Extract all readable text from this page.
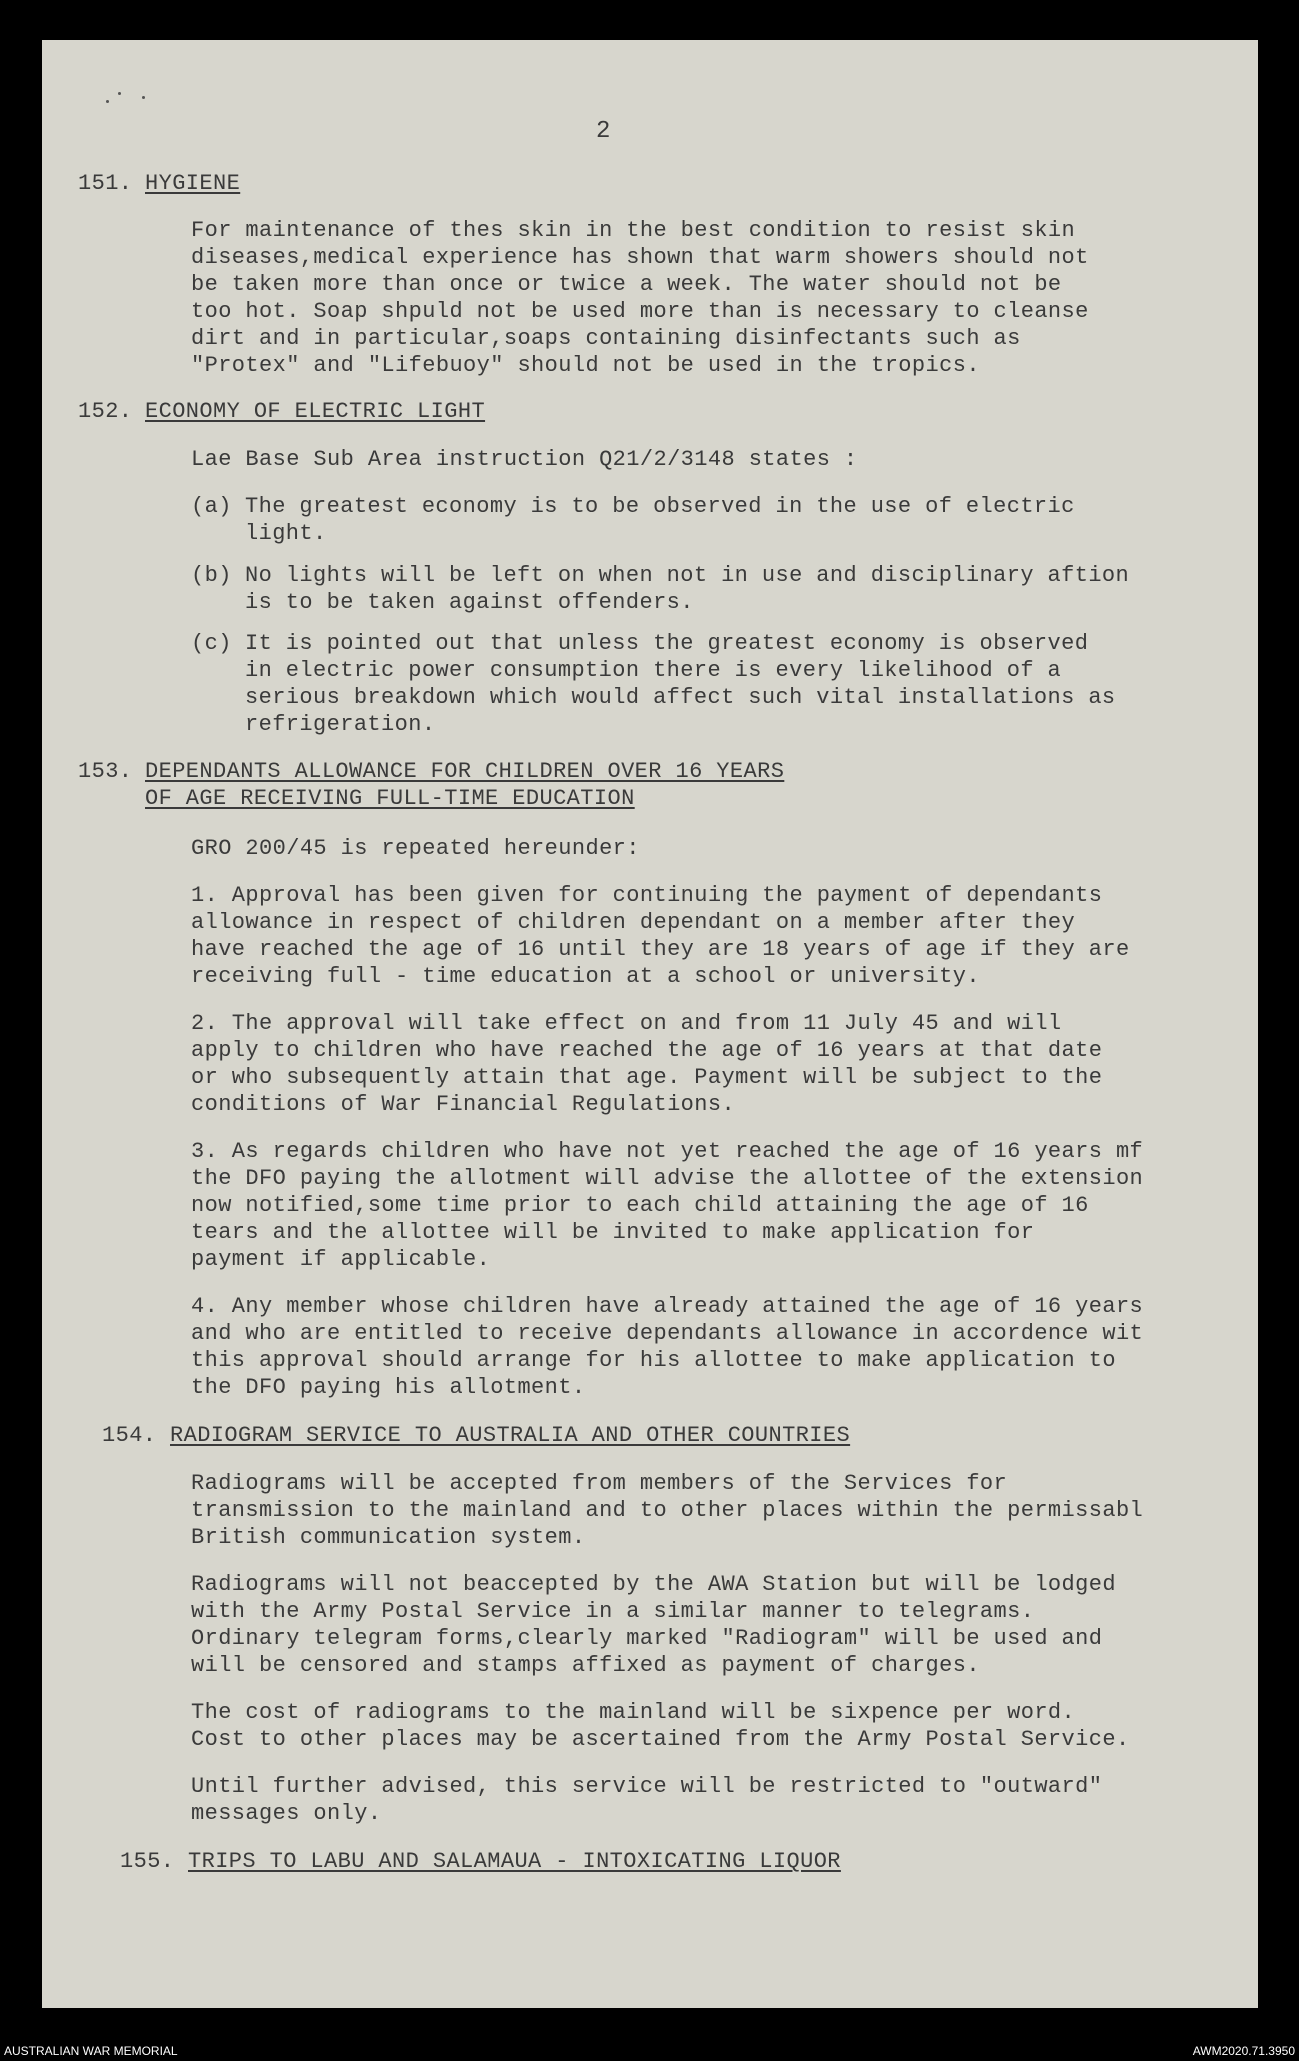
2
151. HYGIENE
For maintenance of thes skin in the best condition to resist skin
diseases,medical experience has shown that warm showers should not
be taken more than once or twice a week. The water should not be
too hot. Soap shpuld not be used more than is necessary to cleanse
dirt and in particular,soaps containing disinfectants such as
"Protex" and "Lifebuoy" should not be used in the tropics.
152. ECONOMY OF ELECTRIC LIGHT
Lae Base Sub Area instruction Q21/2/3148 states :
(a) The greatest economy is to be observed in the use of electric
light.
(b) No lights will be left on when not in use and disciplinary aftion
is to be taken against offenders.
(c) It is pointed out that unless the greatest economy is observed
in electric power consumption there is every likelihood of a
serious breakdown which would affect such vital installations as
refrigeration.
153. DEPENDANTS ALLOWANCE FOR CHILDREN OVER 16 YEARS
OF AGE RECEIVING FULL-TIME EDUCATION
GRO 200/45 is repeated hereunder:
1. Approval has been given for continuing the payment of dependants
allowance in respect of children dependant on a member after they
have reached the age of 16 until they are 18 years of age if they are
receiving full - time education at a school or university.
2. The approval will take effect on and from 11 July 45 and will
apply to children who have reached the age of 16 years at that date
or who subsequently attain that age. Payment will be subject to the
conditions of War Financial Regulations.
3. As regards children who have not yet reached the age of 16 years mf
the DFO paying the allotment will advise the allottee of the extension
now notified,some time prior to each child attaining the age of 16
tears and the allottee will be invited to make application for
payment if applicable.
4. Any member whose children have already attained the age of 16 years
and who are entitled to receive dependants allowance in accordence wit
this approval should arrange for his allottee to make application to
the DFO paying his allotment.
154. RADIOGRAM SERVICE TO AUSTRALIA AND OTHER COUNTRIES
Radiograms will be accepted from members of the Services for
transmission to the mainland and to other places within the permissabl
British communication system.
Radiograms will not beaccepted by the AWA Station but will be lodged
with the Army Postal Service in a similar manner to telegrams.
Ordinary telegram forms,clearly marked "Radiogram" will be used and
will be censored and stamps affixed as payment of charges.
The cost of radiograms to the mainland will be sixpence per word.
Cost to other places may be ascertained from the Army Postal Service.
Until further advised, this service will be restricted to "outward"
messages only.
155. TRIPS TO LABU AND SALAMAUA - INTOXICATING LIQUOR
AUSTRALIAN WAR MEMORIAL	AWM2020.71.3950
